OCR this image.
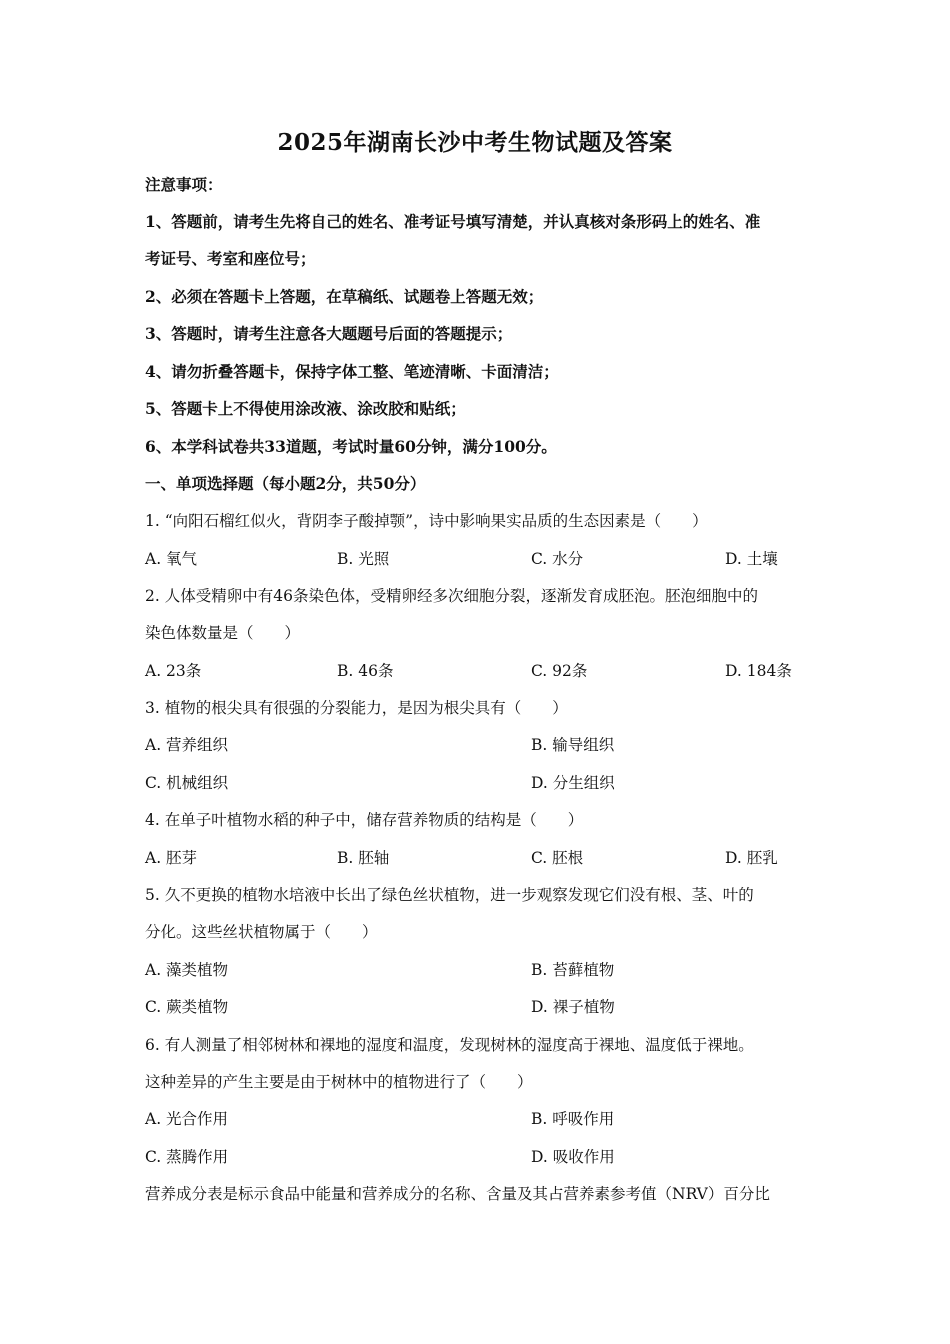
2025年湖南长沙中考生物试题及答案
注意事项：
1、答题前，请考生先将自己的姓名、准考证号填写清楚，并认真核对条形码上的姓名、准
考证号、考室和座位号；
2、必须在答题卡上答题，在草稿纸、试题卷上答题无效；
3、答题时，请考生注意各大题题号后面的答题提示；
4、请勿折叠答题卡，保持字体工整、笔迹清晰、卡面清洁；
5、答题卡上不得使用涂改液、涂改胶和贴纸；
6、本学科试卷共33道题，考试时量60分钟，满分100分。
一、单项选择题（每小题2分，共50分）
1. “向阳石榴红似火，背阴李子酸掉颚”，诗中影响果实品质的生态因素是（　　）
A. 氧气	B. 光照	C. 水分	D. 土壤
2. 人体受精卵中有46条染色体，受精卵经多次细胞分裂，逐渐发育成胚泡。胚泡细胞中的
染色体数量是（　　）
A. 23条	B. 46条	C. 92条	D. 184条
3. 植物的根尖具有很强的分裂能力，是因为根尖具有（　　）
A. 营养组织	B. 输导组织
C. 机械组织	D. 分生组织
4. 在单子叶植物水稻的种子中，储存营养物质的结构是（　　）
A. 胚芽	B. 胚轴	C. 胚根	D. 胚乳
5. 久不更换的植物水培液中长出了绿色丝状植物，进一步观察发现它们没有根、茎、叶的
分化。这些丝状植物属于（　　）
A. 藻类植物	B. 苔藓植物
C. 蕨类植物	D. 裸子植物
6. 有人测量了相邻树林和裸地的湿度和温度，发现树林的湿度高于裸地、温度低于裸地。
这种差异的产生主要是由于树林中的植物进行了（　　）
A. 光合作用	B. 呼吸作用
C. 蒸腾作用	D. 吸收作用
营养成分表是标示食品中能量和营养成分的名称、含量及其占营养素参考值（NRV）百分比
